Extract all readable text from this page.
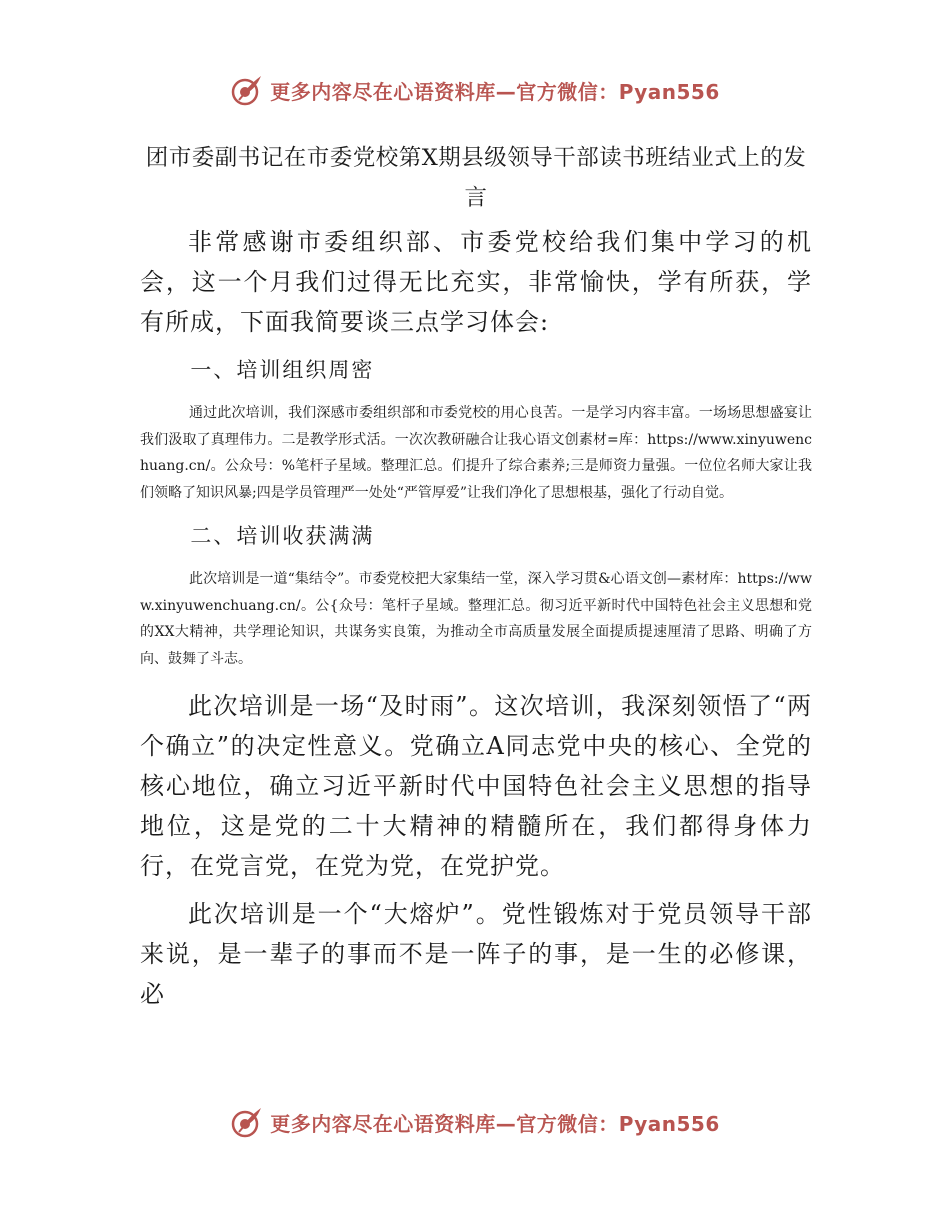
更多内容尽在心语资料库—官方微信：Pyan556
团市委副书记在市委党校第X期县级领导干部读书班结业式上的发言

非常感谢市委组织部、市委党校给我们集中学习的机会，这一个月我们过得无比充实，非常愉快，学有所获，学有所成，下面我简要谈三点学习体会:

一、培训组织周密

通过此次培训，我们深感市委组织部和市委党校的用心良苦。一是学习内容丰富。一场场思想盛宴让我们汲取了真理伟力。二是教学形式活。一次次教研融合让我心语文创素材=库：https://www.xinyuwenchuang.cn/。公众号：%笔杆子星域。整理汇总。们提升了综合素养;三是师资力量强。一位位名师大家让我们领略了知识风暴;四是学员管理严一处处“严管厚爱”让我们净化了思想根基，强化了行动自觉。

二、培训收获满满

此次培训是一道“集结令”。市委党校把大家集结一堂，深入学习贯&心语文创—素材库：https://www.xinyuwenchuang.cn/。公{众号：笔杆子星域。整理汇总。彻习近平新时代中国特色社会主义思想和党的XX大精神，共学理论知识，共谋务实良策，为推动全市高质量发展全面提质提速厘清了思路、明确了方向、鼓舞了斗志。

此次培训是一场“及时雨”。这次培训，我深刻领悟了“两个确立”的决定性意义。党确立A同志党中央的核心、全党的核心地位，确立习近平新时代中国特色社会主义思想的指导地位，这是党的二十大精神的精髓所在，我们都得身体力行，在党言党，在党为党，在党护党。

此次培训是一个“大熔炉”。党性锻炼对于党员领导干部来说，是一辈子的事而不是一阵子的事，是一生的必修课，必

更多内容尽在心语资料库—官方微信：Pyan556
